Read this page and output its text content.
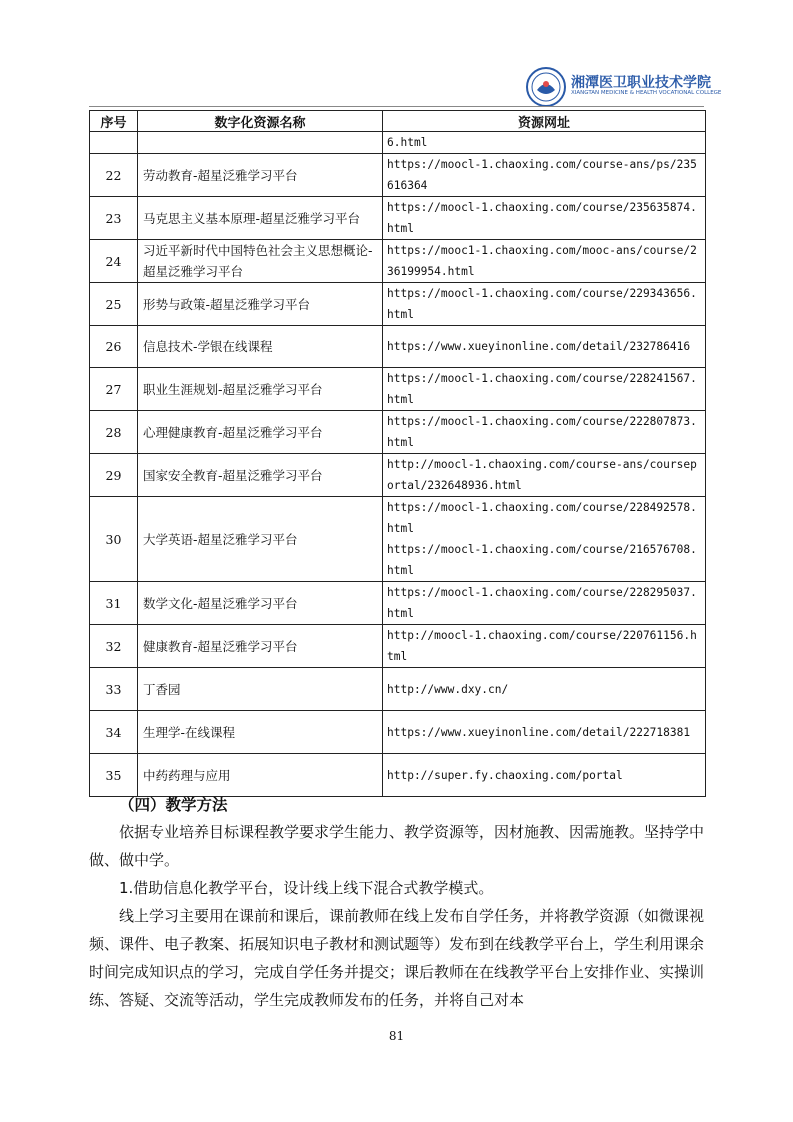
湘潭医卫职业技术学院
XIANGTAN MEDICINE & HEALTH VOCATIONAL COLLEGE
序号	数字化资源名称	资源网址
		6.html
22	劳动教育-超星泛雅学习平台	https://moocl-1.chaoxing.com/course-ans/ps/235616364
23	马克思主义基本原理-超星泛雅学习平台	https://moocl-1.chaoxing.com/course/235635874.html
24	习近平新时代中国特色社会主义思想概论-超星泛雅学习平台	https://mooc1-1.chaoxing.com/mooc-ans/course/236199954.html
25	形势与政策-超星泛雅学习平台	https://moocl-1.chaoxing.com/course/229343656.html
26	信息技术-学银在线课程	https://www.xueyinonline.com/detail/232786416
27	职业生涯规划-超星泛雅学习平台	https://moocl-1.chaoxing.com/course/228241567.html
28	心理健康教育-超星泛雅学习平台	https://moocl-1.chaoxing.com/course/222807873.html
29	国家安全教育-超星泛雅学习平台	http://moocl-1.chaoxing.com/course-ans/courseportal/232648936.html
30	大学英语-超星泛雅学习平台	https://moocl-1.chaoxing.com/course/228492578.html
https://moocl-1.chaoxing.com/course/216576708.html

31	数学文化-超星泛雅学习平台	https://moocl-1.chaoxing.com/course/228295037.html
32	健康教育-超星泛雅学习平台	http://moocl-1.chaoxing.com/course/220761156.html
33	丁香园	http://www.dxy.cn/
34	生理学-在线课程	https://www.xueyinonline.com/detail/222718381
35	中药药理与应用	http://super.fy.chaoxing.com/portal
（四）教学方法
依据专业培养目标课程教学要求学生能力、教学资源等，因材施教、因需施教。坚持学中做、做中学。
1.借助信息化教学平台，设计线上线下混合式教学模式。
线上学习主要用在课前和课后，课前教师在线上发布自学任务，并将教学资源（如微课视频、课件、电子教案、拓展知识电子教材和测试题等）发布到在线教学平台上，学生利用课余时间完成知识点的学习，完成自学任务并提交；课后教师在在线教学平台上安排作业、实操训练、答疑、交流等活动，学生完成教师发布的任务，并将自己对本
81
